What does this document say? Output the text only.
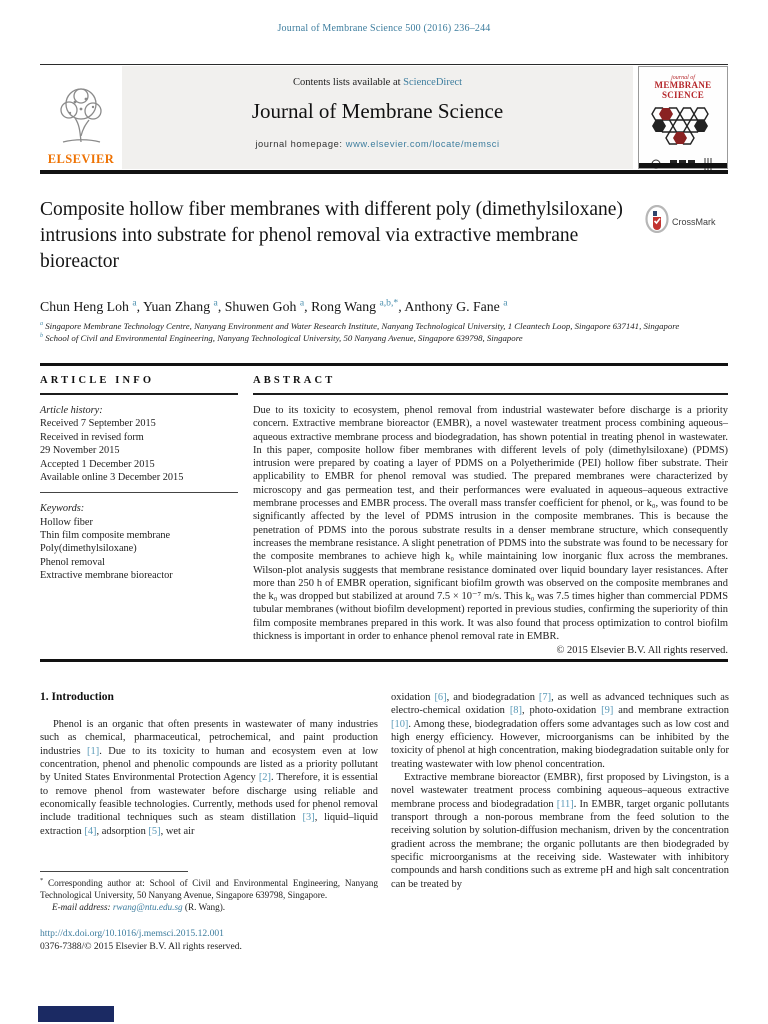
Journal of Membrane Science 500 (2016) 236–244
ELSEVIER
Contents lists available at ScienceDirect
Journal of Membrane Science
journal homepage: www.elsevier.com/locate/memsci
journal of
MEMBRANE
SCIENCE
Composite hollow fiber membranes with different poly (dimethylsiloxane) intrusions into substrate for phenol removal via extractive membrane bioreactor
CrossMark
Chun Heng Loh $^a$, Yuan Zhang $^a$, Shuwen Goh $^a$, Rong Wang $^{a,b,*}$, Anthony G. Fane $^a$
$^a$ Singapore Membrane Technology Centre, Nanyang Environment and Water Research Institute, Nanyang Technological University, 1 Cleantech Loop, Singapore 637141, Singapore
$^b$ School of Civil and Environmental Engineering, Nanyang Technological University, 50 Nanyang Avenue, Singapore 639798, Singapore
ARTICLE INFO
Article history:
Received 7 September 2015
Received in revised form
29 November 2015
Accepted 1 December 2015
Available online 3 December 2015
Keywords:
Hollow fiber
Thin film composite membrane
Poly(dimethylsiloxane)
Phenol removal
Extractive membrane bioreactor
ABSTRACT
Due to its toxicity to ecosystem, phenol removal from industrial wastewater before discharge is a priority concern. Extractive membrane bioreactor (EMBR), a novel wastewater treatment process combining aqueous–aqueous extractive membrane process and biodegradation, has shown potential in treating phenol in wastewater. In this paper, composite hollow fiber membranes with different levels of poly (dimethylsiloxane) (PDMS) intrusion were prepared by coating a layer of PDMS on a Polyetherimide (PEI) hollow fiber substrate. Their applicability to EMBR for phenol removal was studied. The prepared membranes were characterized by microscopy and gas permeation test, and their performances were evaluated in aqueous–aqueous extractive membrane processes and EMBR process. The overall mass transfer coefficient for phenol, or k₀, was found to be significantly affected by the level of PDMS intrusion in the composite membranes. This is because the penetration of PDMS into the porous substrate results in a denser membrane structure, which consequently increases the membrane resistance. A slight penetration of PDMS into the substrate was found to be necessary for the composite membranes to achieve high k₀ while maintaining low inorganic flux across the membranes. Wilson-plot analysis suggests that membrane resistance dominated over liquid boundary layer resistances. After more than 250 h of EMBR operation, significant biofilm growth was observed on the composite membranes and the k₀ was dropped but stabilized at around 7.5 × 10⁻⁷ m/s. This k₀ was 7.5 times higher than commercial PDMS tubular membranes (without biofilm development) reported in previous studies, confirming the superiority of thin film composite membranes prepared in this work. It was also found that process optimization to control biofilm thickness is important in order to enhance phenol removal rate in EMBR.
© 2015 Elsevier B.V. All rights reserved.
1. Introduction

Phenol is an organic that often presents in wastewater of many industries such as chemical, pharmaceutical, petrochemical, and paint production industries [1]. Due to its toxicity to human and ecosystem even at low concentration, phenol and phenolic compounds are listed as a priority pollutant by United States Environmental Protection Agency [2]. Therefore, it is essential to remove phenol from wastewater before discharge using reliable and economically feasible technologies. Currently, methods used for phenol removal include traditional techniques such as steam distillation [3], liquid–liquid extraction [4], adsorption [5], wet air

oxidation [6], and biodegradation [7], as well as advanced techniques such as electro-chemical oxidation [8], photo-oxidation [9] and membrane extraction [10]. Among these, biodegradation offers some advantages such as low cost and high energy efficiency. However, microorganisms can be inhibited by the toxicity of phenol at high concentration, making biodegradation suitable only for treating wastewater with low phenol concentration.

Extractive membrane bioreactor (EMBR), first proposed by Livingston, is a novel wastewater treatment process combining aqueous–aqueous extractive membrane process and biodegradation [11]. In EMBR, target organic pollutants transport through a non-porous membrane from the feed solution to the receiving solution by solution-diffusion mechanism, driven by the concentration gradient across the membrane; the organic pollutants are then biodegraded by specific microorganisms at the receiving side. Wastewater with inhibitory compounds and harsh conditions such as extreme pH and high salt concentration can be treated by

* Corresponding author at: School of Civil and Environmental Engineering, Nanyang Technological University, 50 Nanyang Avenue, Singapore 639798, Singapore.
E-mail address: rwang@ntu.edu.sg (R. Wang).
http://dx.doi.org/10.1016/j.memsci.2015.12.001
0376-7388/© 2015 Elsevier B.V. All rights reserved.
